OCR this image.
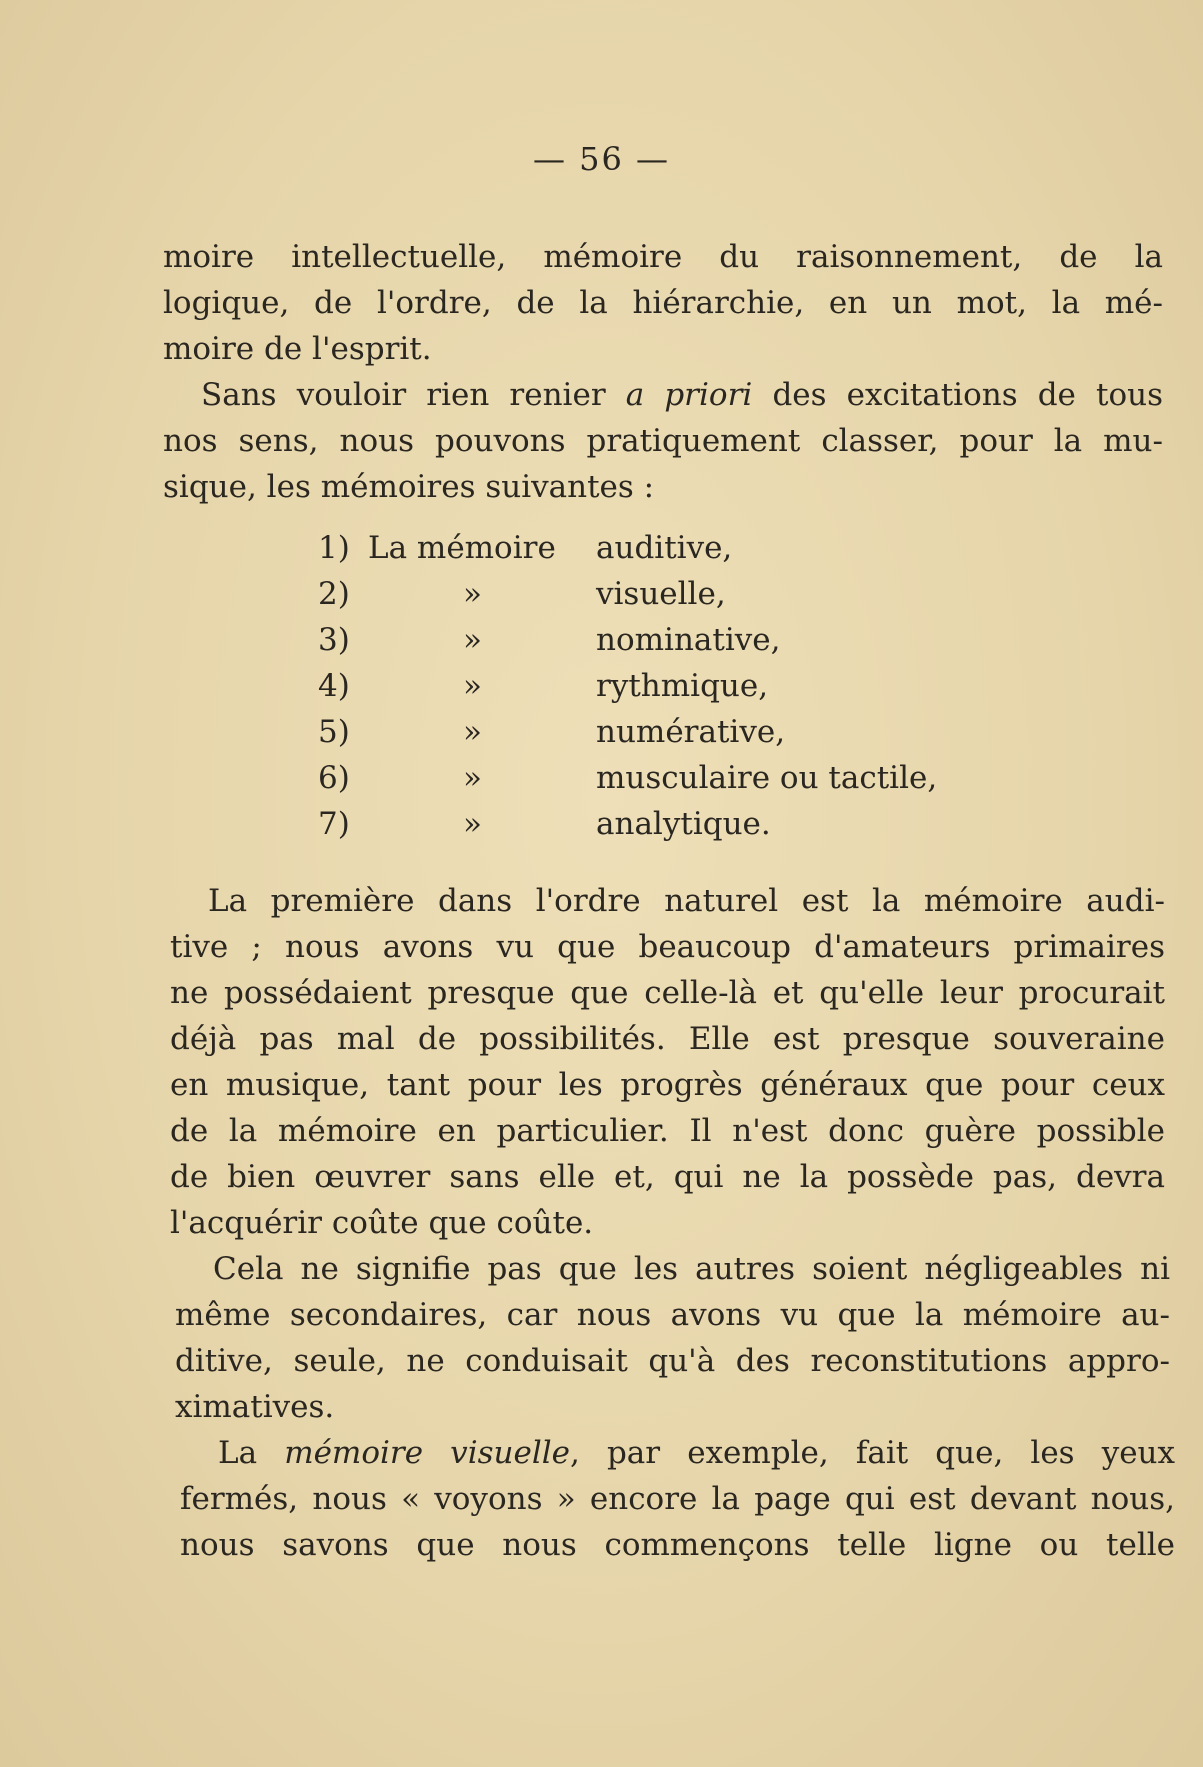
— 56 —
moire intellectuelle, mémoire du raisonnement, de la
logique, de l'ordre, de la hiérarchie, en un mot, la mé-
moire de l'esprit.
Sans vouloir rien renier a priori des excitations de tous
nos sens, nous pouvons pratiquement classer, pour la mu-
sique, les mémoires suivantes :
1) La mémoire auditive,
2)	»	visuelle,
3)	»	nominative,
4)	»	rythmique,
5)	»	numérative,
6)	»	musculaire ou tactile,
7)	»	analytique.
La première dans l'ordre naturel est la mémoire audi-
tive ; nous avons vu que beaucoup d'amateurs primaires
ne possédaient presque que celle-là et qu'elle leur procurait
déjà pas mal de possibilités. Elle est presque souveraine
en musique, tant pour les progrès généraux que pour ceux
de la mémoire en particulier. Il n'est donc guère possible
de bien œuvrer sans elle et, qui ne la possède pas, devra
l'acquérir coûte que coûte.
Cela ne signifie pas que les autres soient négligeables ni
même secondaires, car nous avons vu que la mémoire au-
ditive, seule, ne conduisait qu'à des reconstitutions appro-
ximatives.
La mémoire visuelle, par exemple, fait que, les yeux
fermés, nous « voyons » encore la page qui est devant nous,
nous savons que nous commençons telle ligne ou telle
